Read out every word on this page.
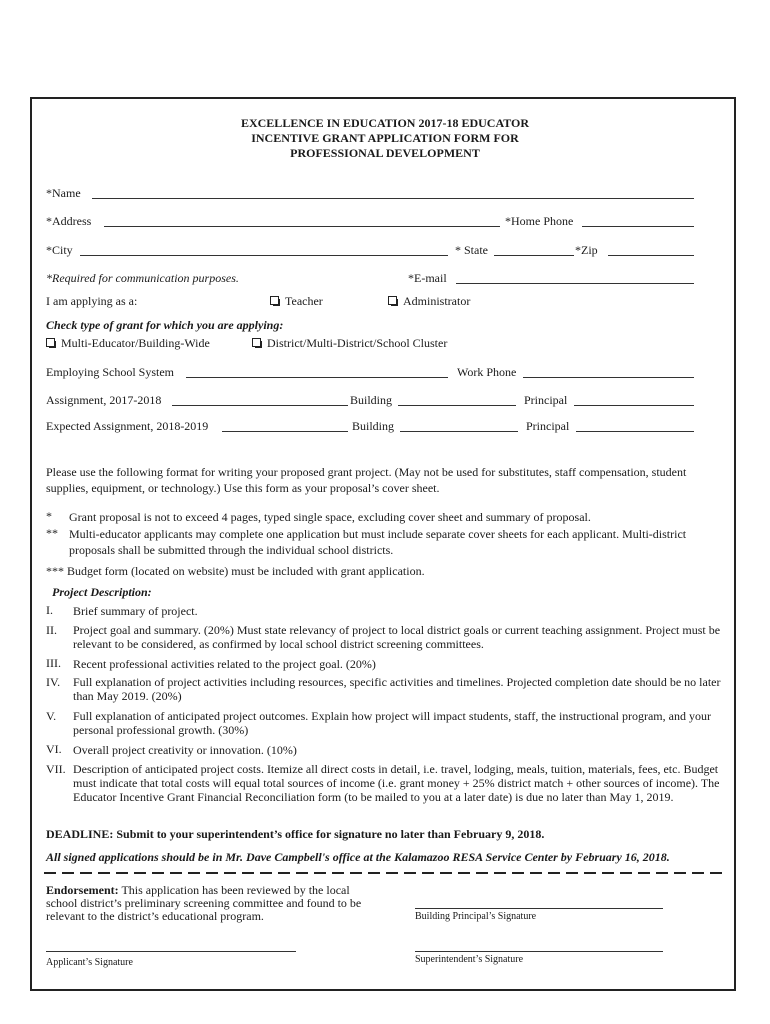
EXCELLENCE IN EDUCATION 2017-18 EDUCATOR
INCENTIVE GRANT APPLICATION FORM FOR
PROFESSIONAL DEVELOPMENT
*Name
*Address	*Home Phone
*City	* State	*Zip
*Required for communication purposes.	*E-mail
I am applying as a:	Teacher	Administrator
Check type of grant for which you are applying:
Multi-Educator/Building-Wide	District/Multi-District/School Cluster
Employing School System	Work Phone
Assignment, 2017-2018	Building	Principal
Expected Assignment, 2018-2019	Building	Principal
Please use the following format for writing your proposed grant project. (May not be used for substitutes, staff compensation, student supplies, equipment, or technology.) Use this form as your proposal’s cover sheet.
* Grant proposal is not to exceed 4 pages, typed single space, excluding cover sheet and summary of proposal.
** Multi-educator applicants may complete one application but must include separate cover sheets for each applicant. Multi-district proposals shall be submitted through the individual school districts.
*** Budget form (located on website) must be included with grant application.
Project Description:
I. Brief summary of project.
II. Project goal and summary. (20%) Must state relevancy of project to local district goals or current teaching assignment. Project must be relevant to be considered, as confirmed by local school district screening committees.
III. Recent professional activities related to the project goal. (20%)
IV. Full explanation of project activities including resources, specific activities and timelines. Projected completion date should be no later than May 2019. (20%)
V. Full explanation of anticipated project outcomes. Explain how project will impact students, staff, the instructional program, and your personal professional growth. (30%)
VI. Overall project creativity or innovation. (10%)
VII. Description of anticipated project costs. Itemize all direct costs in detail, i.e. travel, lodging, meals, tuition, materials, fees, etc. Budget must indicate that total costs will equal total sources of income (i.e. grant money + 25% district match + other sources of income). The Educator Incentive Grant Financial Reconciliation form (to be mailed to you at a later date) is due no later than May 1, 2019.
DEADLINE: Submit to your superintendent’s office for signature no later than February 9, 2018.
All signed applications should be in Mr. Dave Campbell's office at the Kalamazoo RESA Service Center by February 16, 2018.
Endorsement: This application has been reviewed by the local school district’s preliminary screening committee and found to be relevant to the district’s educational program.	Building Principal’s Signature
Applicant’s Signature	Superintendent’s Signature
